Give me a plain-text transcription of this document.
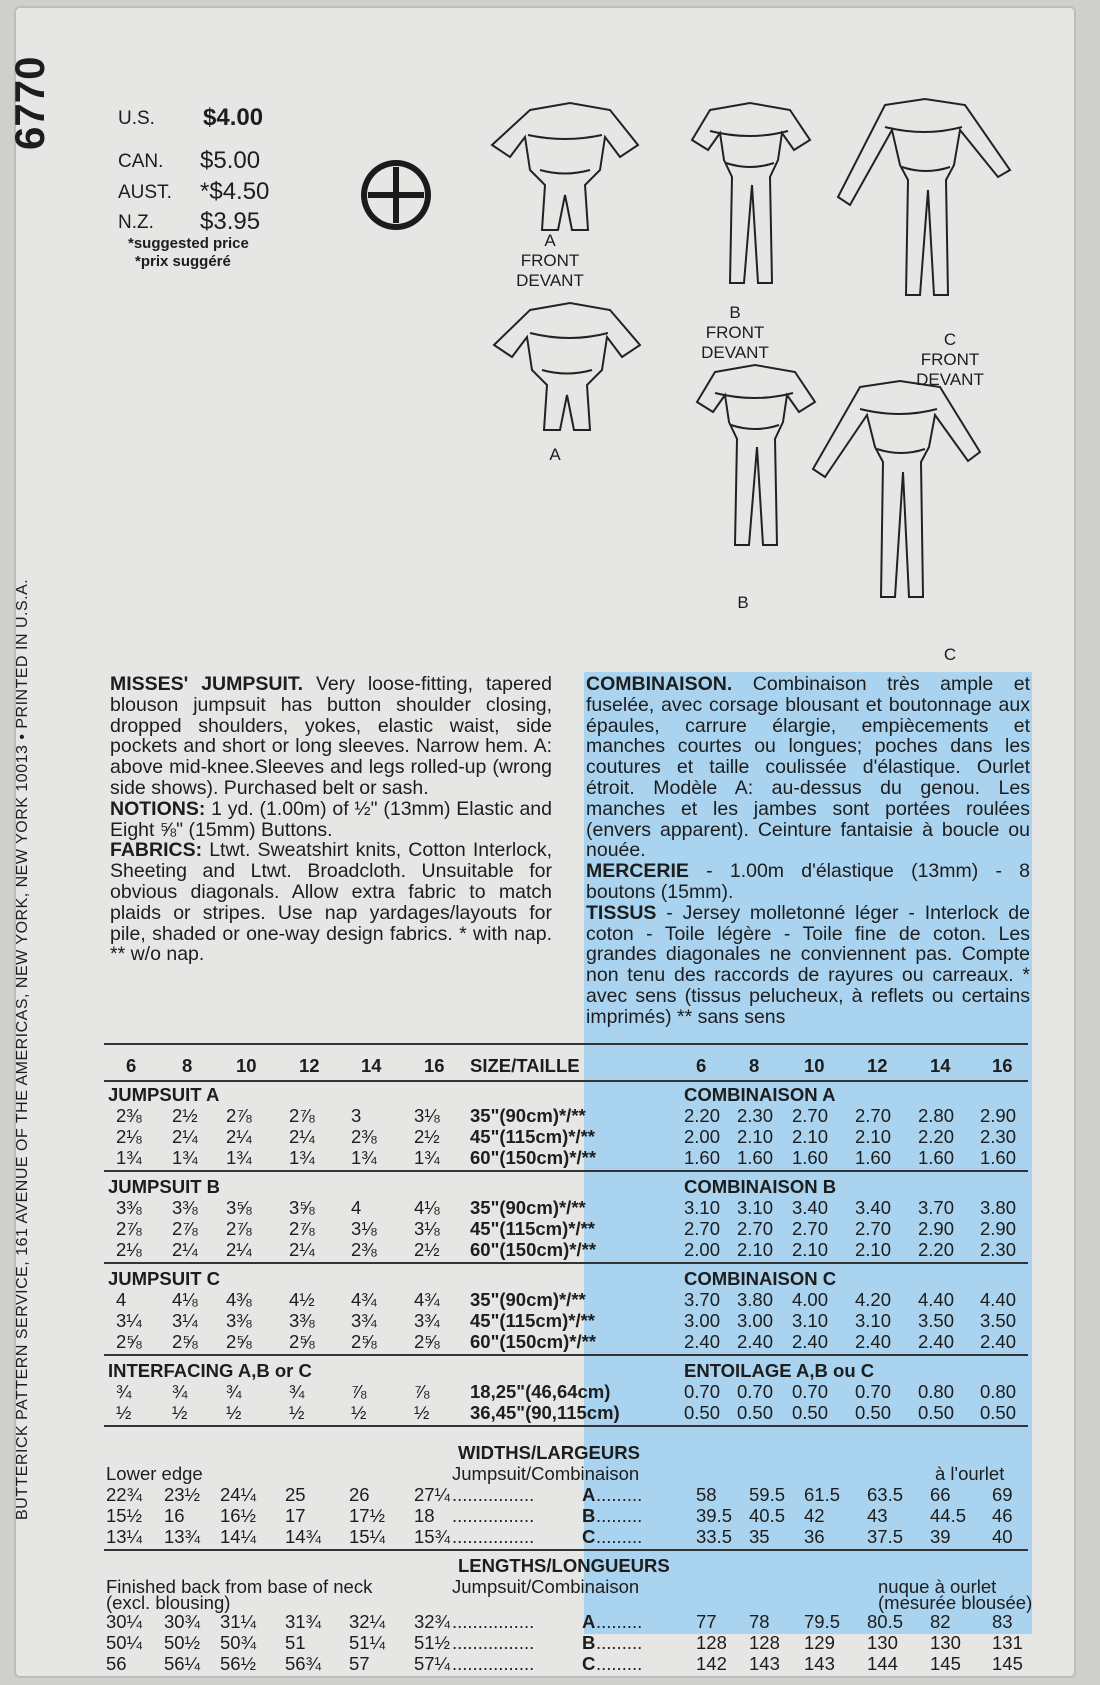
6770
BUTTERICK PATTERN SERVICE, 161 AVENUE OF THE AMERICAS, NEW YORK, NEW YORK 10013 • PRINTED IN U.S.A.
U.S. $4.00
CAN. $5.00
AUST. *$4.50
N.Z. $3.95
*suggested price
*prix suggéré
A
FRONT
DEVANT
A
B
FRONT
DEVANT
B
C
FRONT
DEVANT
C

MISSES' JUMPSUIT. Very loose-fitting, tapered blouson jumpsuit has button shoulder closing, dropped shoulders, yokes, elastic waist, side pockets and short or long sleeves. Narrow hem. A: above mid-knee.Sleeves and legs rolled-up (wrong side shows). Purchased belt or sash.

NOTIONS: 1 yd. (1.00m) of ½" (13mm) Elastic and Eight ⅝" (15mm) Buttons.

FABRICS: Ltwt. Sweatshirt knits, Cotton Interlock, Sheeting and Ltwt. Broadcloth. Unsuitable for obvious diagonals. Allow extra fabric to match plaids or stripes. Use nap yardages/layouts for pile, shaded or one-way design fabrics. * with nap. ** w/o nap.

COMBINAISON. Combinaison très ample et fuselée, avec corsage blousant et boutonnage aux épaules, carrure élargie, empiècements et manches courtes ou longues; poches dans les coutures et taille coulissée d'élastique. Ourlet étroit. Modèle A: au-dessus du genou. Les manches et les jambes sont portées roulées (envers apparent). Ceinture fantaisie à boucle ou nouée.

MERCERIE - 1.00m d'élastique (13mm) - 8 boutons (15mm).

TISSUS - Jersey molletonné léger - Interlock de coton - Toile légère - Toile fine de coton. Les grandes diagonales ne conviennent pas. Compte non tenu des raccords de rayures ou carreaux. * avec sens (tissus pelucheux, à reflets ou certains imprimés) ** sans sens

6 8 10 12 14 16 SIZE/TAILLE	6 8 10 12 14 16
JUMPSUIT A	COMBINAISON A
2⅜ 2½ 2⅞ 2⅞ 3	3⅛ 35"(90cm)*/**	2.20 2.30 2.70 2.70 2.80 2.90
2⅛ 2¼ 2¼ 2¼ 2⅜ 2½ 45"(115cm)*/**	2.00 2.10 2.10 2.10 2.20 2.30
1¾ 1¾ 1¾ 1¾ 1¾ 1¾ 60"(150cm)*/**	1.60 1.60 1.60 1.60 1.60 1.60
JUMPSUIT B	COMBINAISON B
3⅜ 3⅜ 3⅝ 3⅝ 4	4⅛ 35"(90cm)*/**	3.10 3.10 3.40 3.40 3.70 3.80
2⅞ 2⅞ 2⅞ 2⅞ 3⅛ 3⅛ 45"(115cm)*/**	2.70 2.70 2.70 2.70 2.90 2.90
2⅛ 2¼ 2¼ 2¼ 2⅜ 2½ 60"(150cm)*/**	2.00 2.10 2.10 2.10 2.20 2.30
JUMPSUIT C	COMBINAISON C
4 4⅛ 4⅜ 4½ 4¾ 4¾ 35"(90cm)*/**	3.70 3.80 4.00 4.20 4.40 4.40
3¼ 3¼ 3⅜ 3⅜ 3¾ 3¾ 45"(115cm)*/**	3.00 3.00 3.10 3.10 3.50 3.50
2⅝ 2⅝ 2⅝ 2⅝ 2⅝ 2⅝ 60"(150cm)*/**	2.40 2.40 2.40 2.40 2.40 2.40
INTERFACING A,B or C	ENTOILAGE A,B ou C
¾ ¾ ¾	¾	⅞	⅞ 18,25"(46,64cm)	0.70 0.70 0.70 0.70 0.80 0.80
½ ½ ½	½	½	½ 36,45"(90,115cm)	0.50 0.50 0.50 0.50 0.50 0.50
WIDTHS/LARGEURS
Lower edge	Jumpsuit/Combinaison	à l'ourlet
22¾ 23½ 24¼ 25 26 27¼ ................	A .........	58 59.5 61.5 63.5 66 69
15½ 16 16½ 17 17½ 18 ................	B .........	39.5 40.5 42 43 44.5 46
13¼ 13¾ 14¼ 14¾ 15¼ 15¾ ................	C .........	33.5 35 36 37.5 39 40
LENGTHS/LONGUEURS
Finished back from base of neck	Jumpsuit/Combinaison	nuque à ourlet
(excl. blousing)	(mesurée blousée)
30¼ 30¾ 31¼ 31¾ 32¼ 32¾ ................	A .........	77 78 79.5 80.5 82 83
50¼ 50½ 50¾ 51 51¼ 51½ ................	B .........	128 128 129 130 130 131
56 56¼ 56½ 56¾ 57 57¼ ................	C .........	142 143 143 144 145 145
